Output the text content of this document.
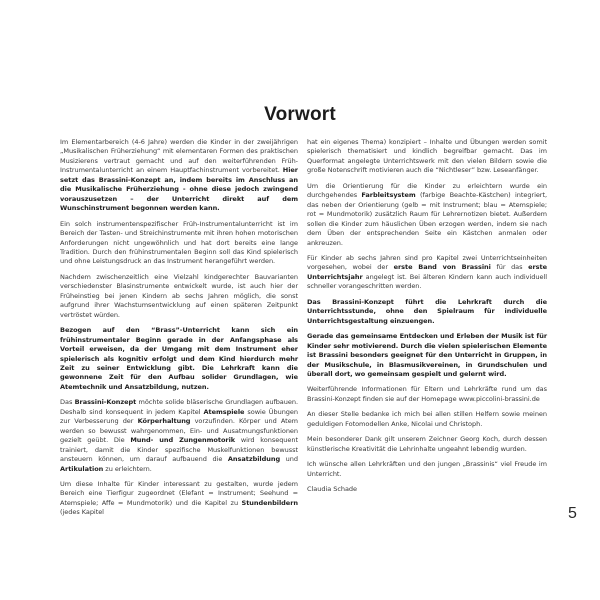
Vorwort

Im Elementarbereich (4-6 Jahre) werden die Kinder in der zweijährigen „Musikalischen Früherziehung“ mit elementaren Formen des praktischen Musizierens vertraut gemacht und auf den weiterführenden Früh-Instrumentalunterricht an einem Hauptfachinstrument vorbereitet. Hier setzt das Brassini-Konzept an, indem bereits im Anschluss an die Musikalische Früherziehung - ohne diese jedoch zwingend vorauszusetzen – der Unterricht direkt auf dem Wunschinstrument begonnen werden kann.

Ein solch instrumentenspezifischer Früh-Instrumentalunterricht ist im Bereich der Tasten- und Streichinstrumente mit ihren hohen motorischen Anforderungen nicht ungewöhnlich und hat dort bereits eine lange Tradition. Durch den frühinstrumentalen Beginn soll das Kind spielerisch und ohne Leistungsdruck an das Instrument herangeführt werden.

Nachdem zwischenzeitlich eine Vielzahl kindgerechter Bauvarianten verschiedenster Blasinstrumente entwickelt wurde, ist auch hier der Früheinstieg bei jenen Kindern ab sechs Jahren möglich, die sonst aufgrund ihrer Wachstumsentwicklung auf einen späteren Zeitpunkt vertröstet würden.

Bezogen auf den “Brass”-Unterricht kann sich ein frühinstrumentaler Beginn gerade in der Anfangsphase als Vorteil erweisen, da der Umgang mit dem Instrument eher spielerisch als kognitiv erfolgt und dem Kind hierdurch mehr Zeit zu seiner Entwicklung gibt. Die Lehrkraft kann die gewonnene Zeit für den Aufbau solider Grundlagen, wie Atemtechnik und Ansatzbildung, nutzen.

Das Brassini-Konzept möchte solide bläserische Grundlagen aufbauen. Deshalb sind konsequent in jedem Kapitel Atemspiele sowie Übungen zur Verbesserung der Körperhaltung vorzufinden. Körper und Atem werden so bewusst wahrgenommen, Ein- und Ausatmungsfunktionen gezielt geübt. Die Mund- und Zungenmotorik wird konsequent trainiert, damit die Kinder spezifische Muskelfunktionen bewusst ansteuern können, um darauf aufbauend die Ansatzbildung und Artikulation zu erleichtern.

Um diese Inhalte für Kinder interessant zu gestalten, wurde jedem Bereich eine Tierfigur zugeordnet (Elefant = Instrument; Seehund = Atemspiele; Affe = Mundmotorik) und die Kapitel zu Stundenbildern (jedes Kapitel

hat ein eigenes Thema) konzipiert – Inhalte und Übungen werden somit spielerisch thematisiert und kindlich begreifbar gemacht. Das im Querformat angelegte Unterrichtswerk mit den vielen Bildern sowie die große Notenschrift motivieren auch die “Nichtleser” bzw. Leseanfänger.

Um die Orientierung für die Kinder zu erleichtern wurde ein durchgehendes Farbleitsystem (farbige Beachte-Kästchen) integriert, das neben der Orientierung (gelb = mit Instrument; blau = Atemspiele; rot = Mundmotorik) zusätzlich Raum für Lehrernotizen bietet. Außerdem sollen die Kinder zum häuslichen Üben erzogen werden, indem sie nach dem Üben der entsprechenden Seite ein Kästchen anmalen oder ankreuzen.

Für Kinder ab sechs Jahren sind pro Kapitel zwei Unterrichtseinheiten vorgesehen, wobei der erste Band von Brassini für das erste Unterrichtsjahr angelegt ist. Bei älteren Kindern kann auch individuell schneller vorangeschritten werden.

Das Brassini-Konzept führt die Lehrkraft durch die Unterrichtsstunde, ohne den Spielraum für individuelle Unterrichtsgestaltung einzuengen.

Gerade das gemeinsame Entdecken und Erleben der Musik ist für Kinder sehr motivierend. Durch die vielen spielerischen Elemente ist Brassini besonders geeignet für den Unterricht in Gruppen, in der Musikschule, in Blasmusikvereinen, in Grundschulen und überall dort, wo gemeinsam gespielt und gelernt wird.

Weiterführende Informationen für Eltern und Lehrkräfte rund um das Brassini-Konzept finden sie auf der Homepage www.piccolini-brassini.de

An dieser Stelle bedanke ich mich bei allen stillen Helfern sowie meinen geduldigen Fotomodellen Anke, Nicolai und Christoph.

Mein besonderer Dank gilt unserem Zeichner Georg Koch, durch dessen künstlerische Kreativität die Lehrinhalte ungeahnt lebendig wurden.

Ich wünsche allen Lehrkräften und den jungen „Brassinis“ viel Freude im Unterricht.

Claudia Schade

5
